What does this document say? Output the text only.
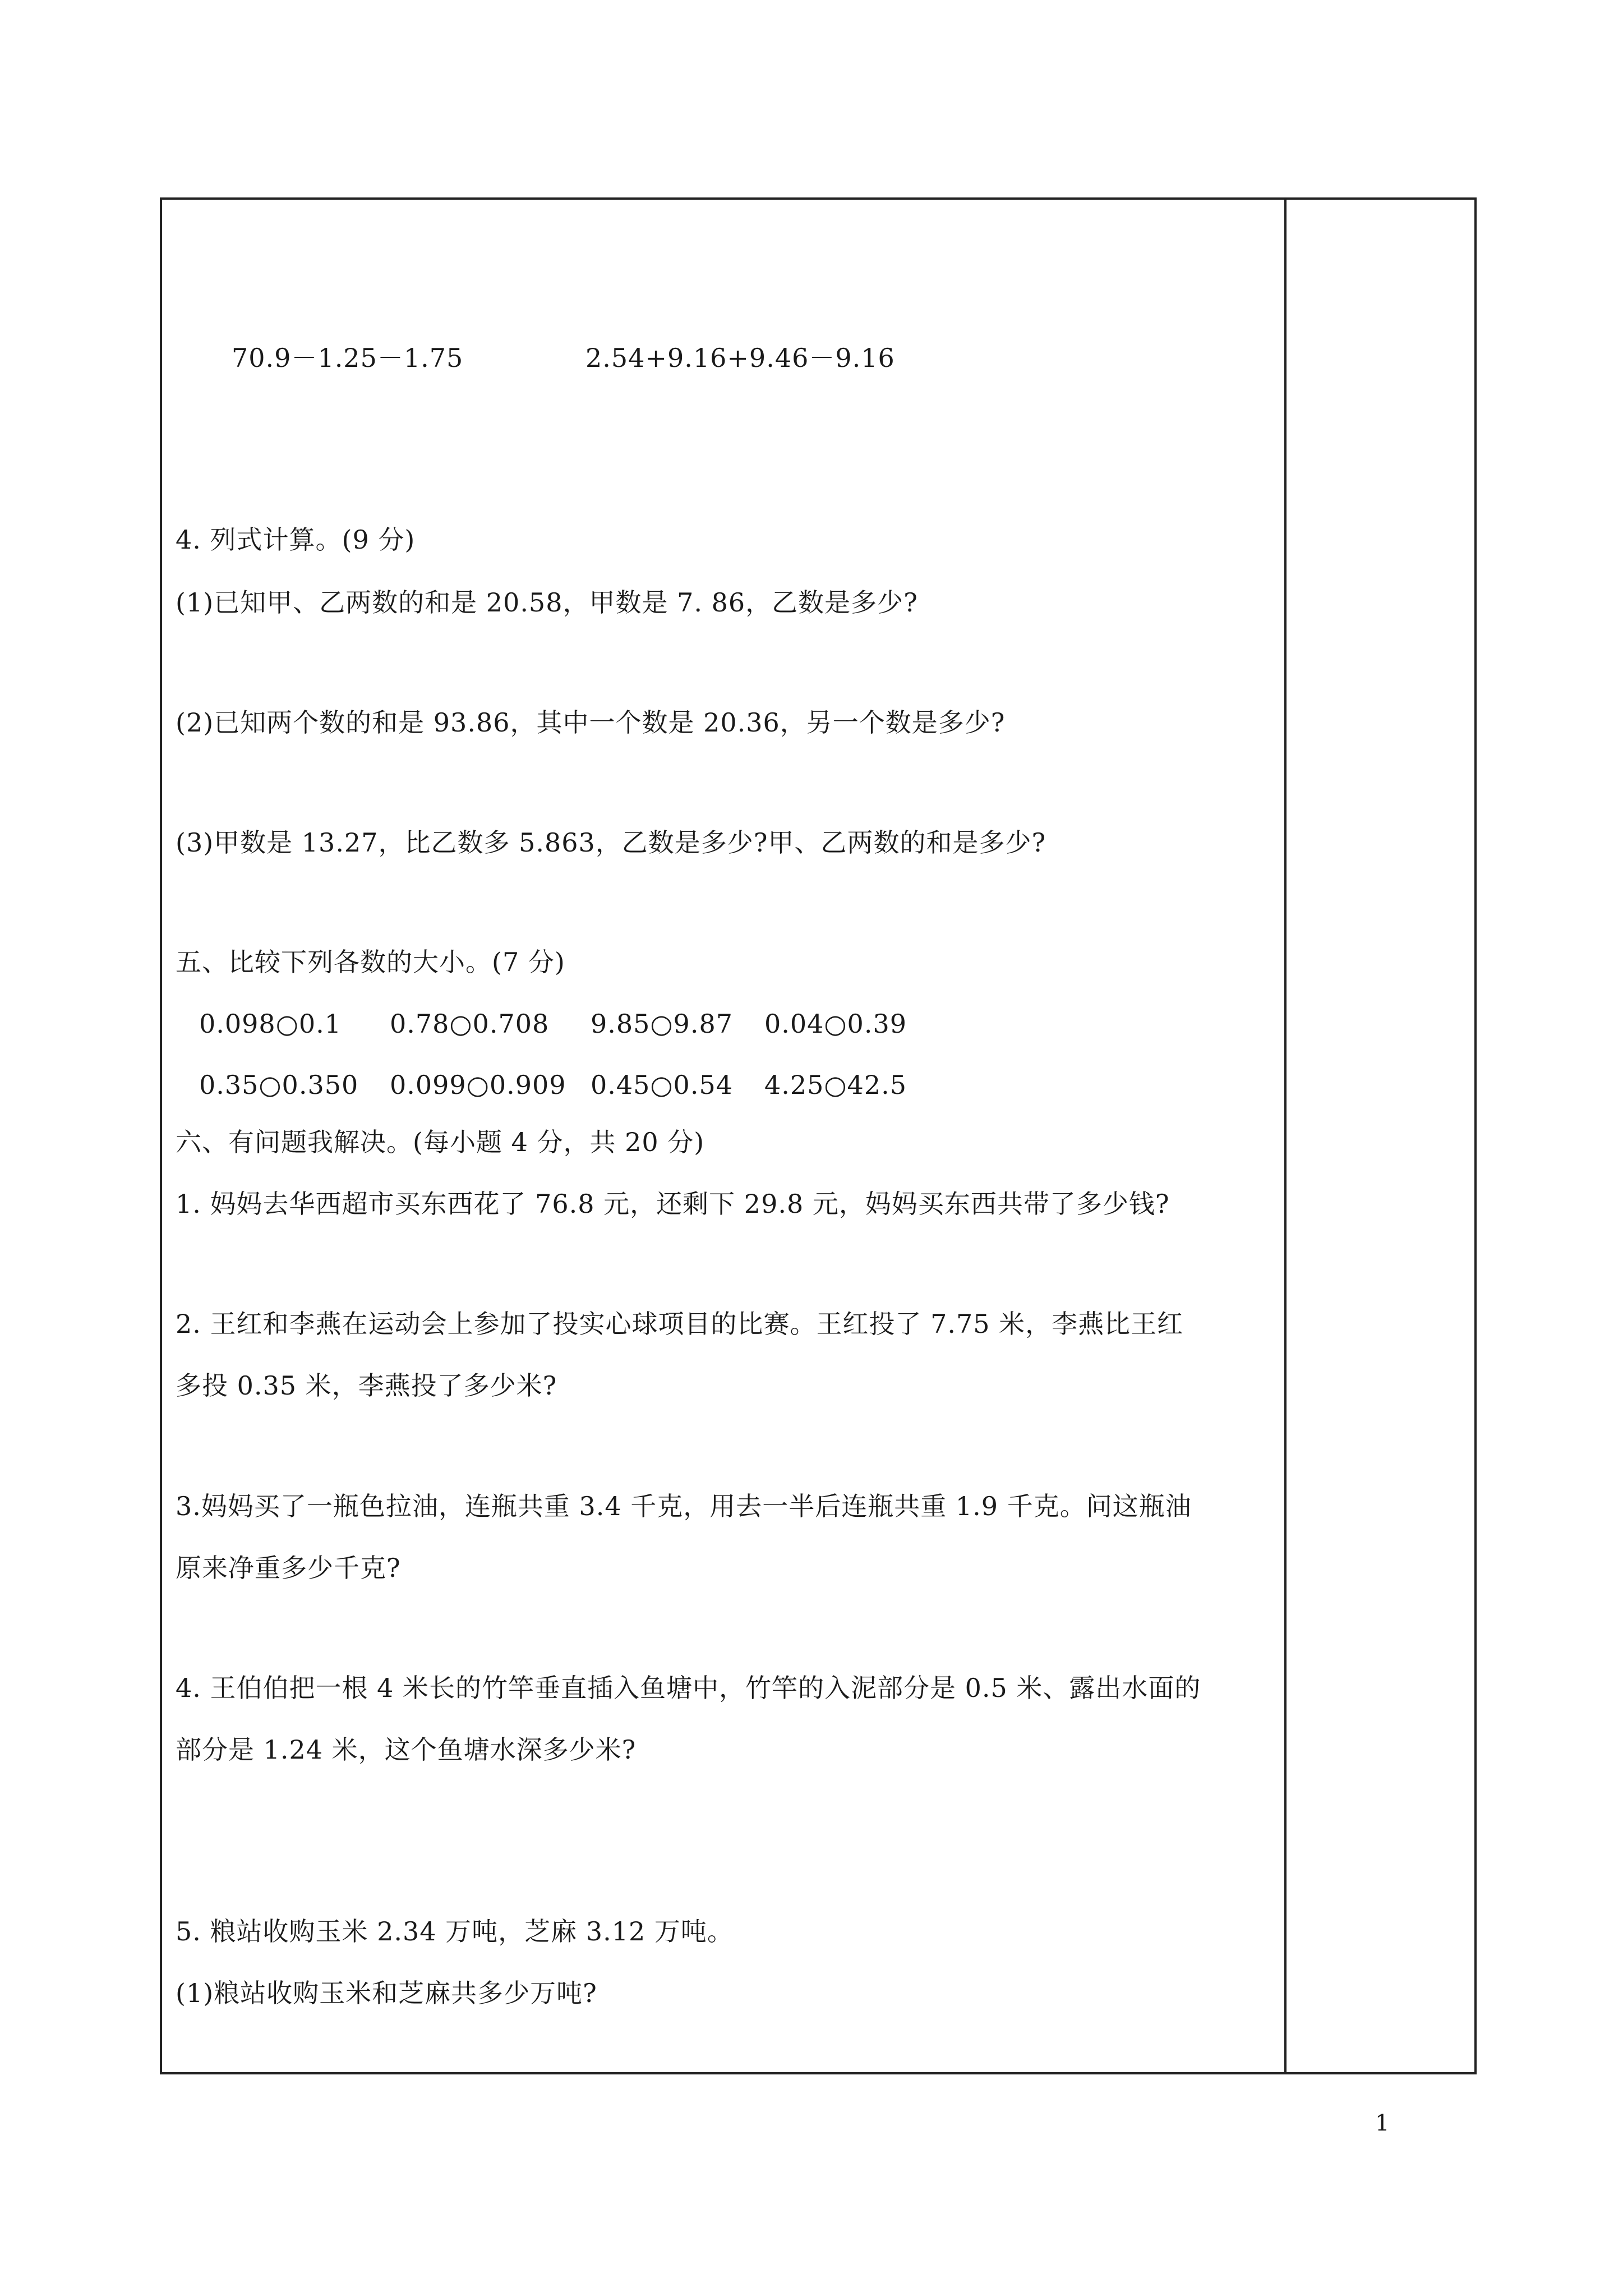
70.9－1.25－1.75	2.54+9.16+9.46－9.16
4. 列式计算。(9 分)
(1)已知甲、乙两数的和是 20.58，甲数是 7. 86，乙数是多少?
(2)已知两个数的和是 93.86，其中一个数是 20.36，另一个数是多少?
(3)甲数是 13.27，比乙数多 5.863，乙数是多少?甲、乙两数的和是多少?
五、比较下列各数的大小。(7 分)
0.098○0.1 0.78○0.708 9.85○9.87 0.04○0.39
0.35○0.350 0.099○0.909 0.45○0.54 4.25○42.5
六、有问题我解决。(每小题 4 分，共 20 分)
1. 妈妈去华西超市买东西花了 76.8 元，还剩下 29.8 元，妈妈买东西共带了多少钱?
2. 王红和李燕在运动会上参加了投实心球项目的比赛。王红投了 7.75 米，李燕比王红
多投 0.35 米，李燕投了多少米?
3.妈妈买了一瓶色拉油，连瓶共重 3.4 千克，用去一半后连瓶共重 1.9 千克。问这瓶油
原来净重多少千克?
4. 王伯伯把一根 4 米长的竹竿垂直插入鱼塘中，竹竿的入泥部分是 0.5 米、露出水面的
部分是 1.24 米，这个鱼塘水深多少米?
5. 粮站收购玉米 2.34 万吨，芝麻 3.12 万吨。
(1)粮站收购玉米和芝麻共多少万吨?
1
